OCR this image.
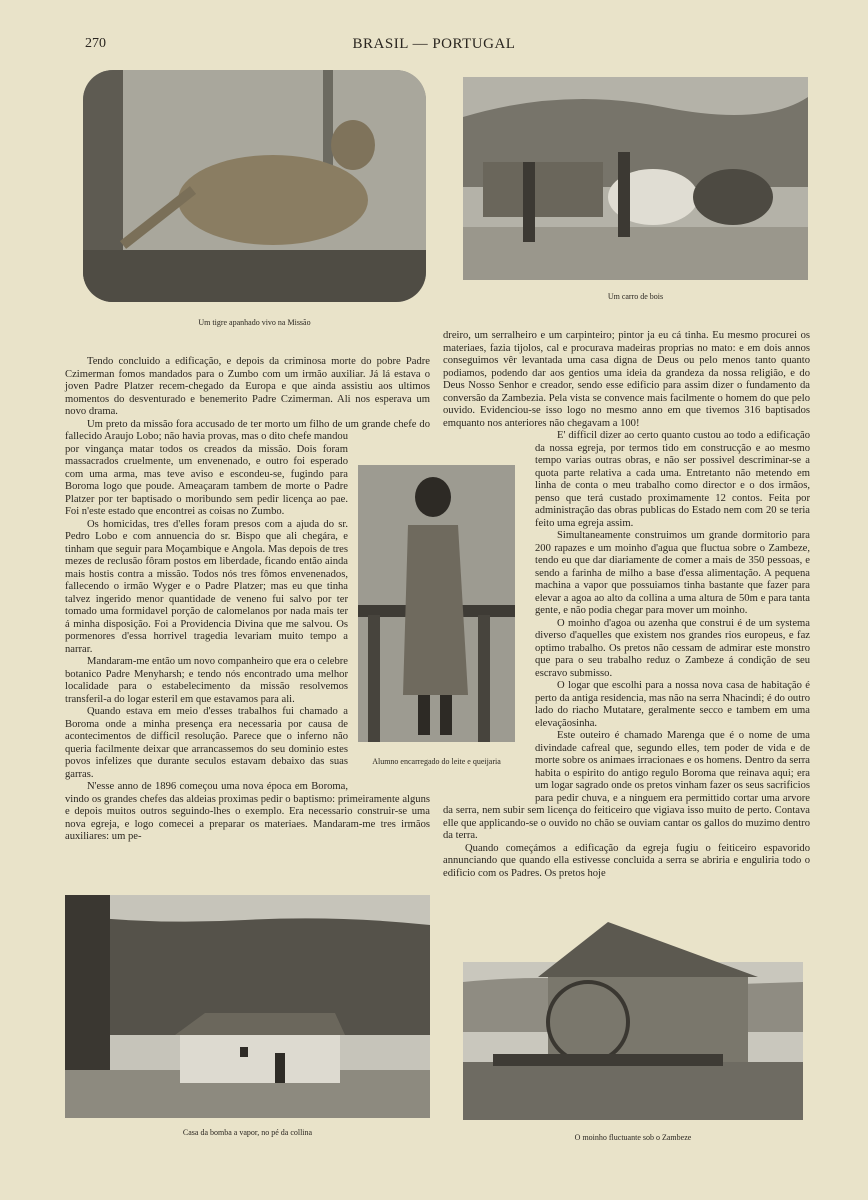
270	BRASIL — PORTUGAL
Um tigre apanhado vivo na Missão
Um carro de bois
Alumno encarregado do leite e queijaria
Casa da bomba a vapor, no pé da collina
O moinho fluctuante sob o Zambeze

Tendo concluido a edificação, e depois da criminosa morte do pobre Padre Czimerman fomos mandados para o Zumbo com um irmão auxiliar. Já lá estava o joven Padre Platzer recem-chegado da Europa e que ainda assistiu aos ultimos momentos do desventurado e benemerito Padre Czimerman. Ali nos esperava um novo drama.

Um preto da missão fora accusado de ter morto um filho de um grande chefe do fallecido Araujo Lobo; não havia provas, mas o dito chefe mandou por vingança matar todos os creados da missão. Dois foram massacrados cruelmente, um envenenado, e outro foi esperado com uma arma, mas teve aviso e escondeu-se, fugindo para Boroma logo que poude. Ameaçaram tambem de morte o Padre Platzer por ter baptisado o moribundo sem pedir licença ao pae. Foi n'este estado que encontrei as coisas no Zumbo.

Os homicidas, tres d'elles foram presos com a ajuda do sr. Pedro Lobo e com annuencia do sr. Bispo que ali chegára, e tinham que seguir para Moçambique e Angola. Mas depois de tres mezes de reclusão fôram postos em liberdade, ficando então ainda mais hostis contra a missão. Todos nós tres fômos envenenados, fallecendo o irmão Wyger e o Padre Platzer; mas eu que tinha talvez ingerido menor quantidade de veneno fui salvo por ter tomado uma formidavel porção de calomelanos por nada mais ter á minha disposição. Foi a Providencia Divina que me salvou. Os pormenores d'essa horrivel tragedia levariam muito tempo a narrar.

Mandaram-me então um novo companheiro que era o celebre botanico Padre Menyharsh; e tendo nós encontrado uma melhor localidade para o estabelecimento da missão resolvemos transferil-a do logar esteril em que estavamos para ali.

Quando estava em meio d'esses trabalhos fui chamado a Boroma onde a minha presença era necessaria por causa de acontecimentos de difficil resolução. Parece que o inferno não queria facilmente deixar que arrancassemos do seu dominio estes povos infelizes que durante seculos estavam debaixo das suas garras.

N'esse anno de 1896 começou uma nova época em Boroma, vindo os grandes chefes das aldeias proximas pedir o baptismo: primeiramente alguns e depois muitos outros seguindo-lhes o exemplo. Era necessario construir-se uma nova egreja, e logo comecei a preparar os materiaes. Mandaram-me tres irmãos auxiliares: um pe-

dreiro, um serralheiro e um carpinteiro; pintor ja eu cá tinha. Eu mesmo procurei os materiaes, fazia tijolos, cal e procurava madeiras proprias no mato: e em dois annos conseguimos vêr levantada uma casa digna de Deus ou pelo menos tanto quanto podiamos, podendo dar aos gentios uma ideia da grandeza da nossa religião, e do Deus Nosso Senhor e creador, sendo esse edificio para assim dizer o fundamento da conversão da Zambezia. Pela vista se convence mais facilmente o homem do que pelo ouvido. Evidenciou-se isso logo no mesmo anno em que tivemos 316 baptisados emquanto nos anteriores não chegavam a 100!

E' difficil dizer ao certo quanto custou ao todo a edificação da nossa egreja, por termos tido em construcção e ao mesmo tempo varias outras obras, e não ser possivel descriminar-se a quota parte relativa a cada uma. Entretanto não metendo em linha de conta o meu trabalho como director e o dos irmãos, penso que terá custado proximamente 12 contos. Feita por administração das obras publicas do Estado nem com 20 se teria feito uma egreja assim.

Simultaneamente construimos um grande dormitorio para 200 rapazes e um moinho d'agua que fluctua sobre o Zambeze, tendo eu que dar diariamente de comer a mais de 350 pessoas, e sendo a farinha de milho a base d'essa alimentação. A pequena machina a vapor que possuiamos tinha bastante que fazer para elevar a agoa ao alto da collina a uma altura de 50m e para tanta gente, e não podia chegar para mover um moinho.

O moinho d'agoa ou azenha que construi é de um systema diverso d'aquelles que existem nos grandes rios europeus, e faz optimo trabalho. Os pretos não cessam de admirar este monstro que para o seu trabalho reduz o Zambeze á condição de seu escravo submisso.

O logar que escolhi para a nossa nova casa de habitação é perto da antiga residencia, mas não na serra Nhacindi; é do outro lado do riacho Mutatare, geralmente secco e tambem em uma elevaçãosinha.

Este outeiro é chamado Marenga que é o nome de uma divindade cafreal que, segundo elles, tem poder de vida e de morte sobre os animaes irracionaes e os homens. Dentro da serra habita o espirito do antigo regulo Boroma que reinava aqui; era um logar sagrado onde os pretos vinham fazer os seus sacrificios para pedir chuva, e a ninguem era permittido cortar uma arvore da serra, nem subir sem licença do feiticeiro que vigiava isso muito de perto. Contava elle que applicando-se o ouvido no chão se ouviam cantar os gallos do muzimo dentro da terra.

Quando começámos a edificação da egreja fugiu o feiticeiro espavorido annunciando que quando ella estivesse concluida a serra se abriria e enguliria todo o edificio com os Padres. Os pretos hoje
